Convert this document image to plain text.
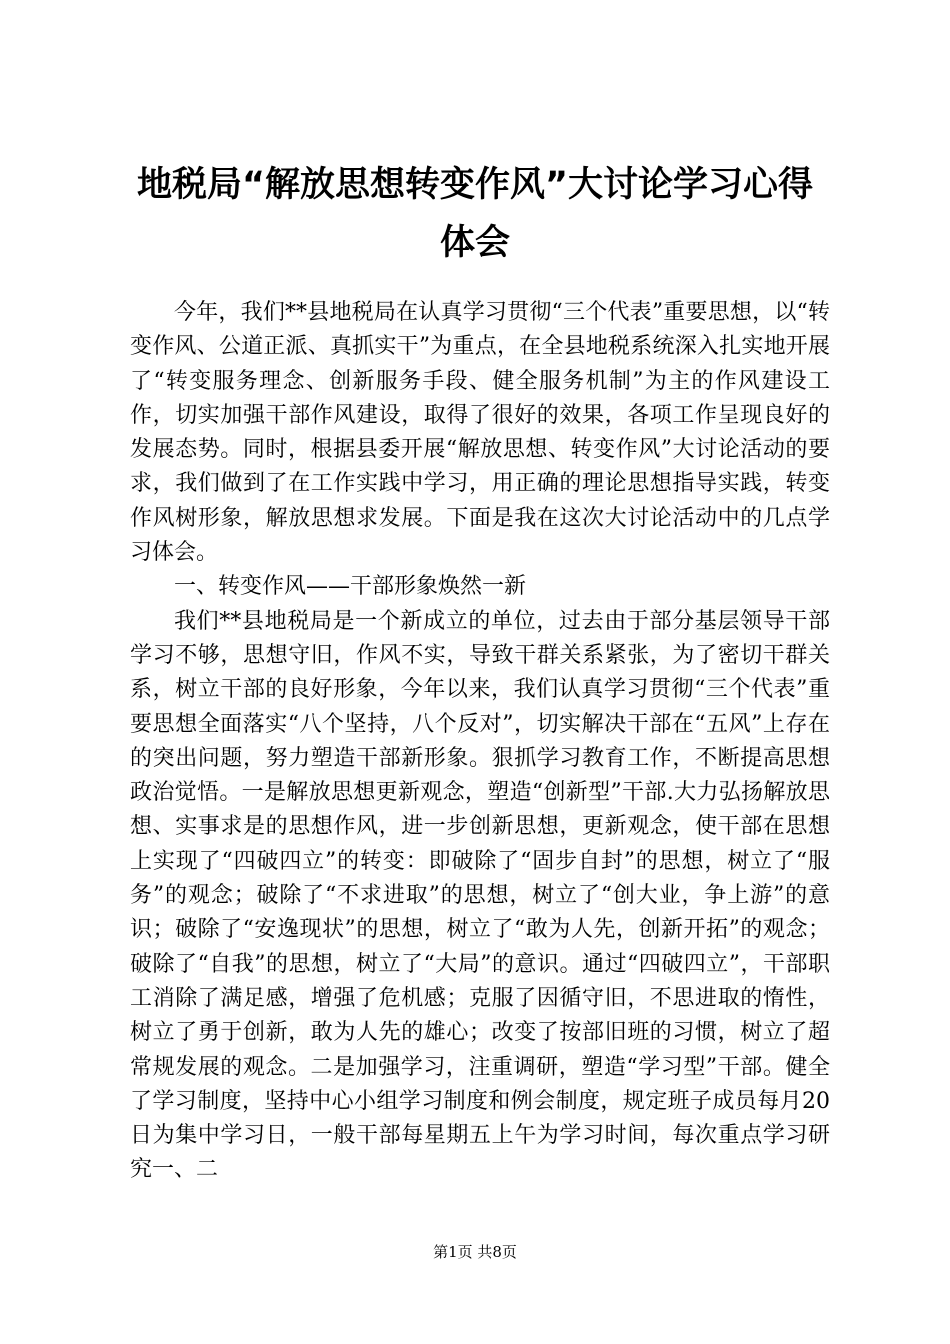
地税局“解放思想转变作风”大讨论学习心得
体会

今年，我们**县地税局在认真学习贯彻“三个代表”重要思想，以“转变作风、公道正派、真抓实干”为重点，在全县地税系统深入扎实地开展了“转变服务理念、创新服务手段、健全服务机制”为主的作风建设工作，切实加强干部作风建设，取得了很好的效果，各项工作呈现良好的发展态势。同时，根据县委开展“解放思想、转变作风”大讨论活动的要求，我们做到了在工作实践中学习，用正确的理论思想指导实践，转变作风树形象，解放思想求发展。下面是我在这次大讨论活动中的几点学习体会。

一、转变作风——干部形象焕然一新

我们**县地税局是一个新成立的单位，过去由于部分基层领导干部学习不够，思想守旧，作风不实，导致干群关系紧张，为了密切干群关系，树立干部的良好形象，今年以来，我们认真学习贯彻“三个代表”重要思想全面落实“八个坚持，八个反对”，切实解决干部在“五风”上存在的突出问题，努力塑造干部新形象。狠抓学习教育工作，不断提高思想政治觉悟。一是解放思想更新观念，塑造“创新型”干部.大力弘扬解放思想、实事求是的思想作风，进一步创新思想，更新观念，使干部在思想上实现了“四破四立”的转变：即破除了“固步自封”的思想，树立了“服务”的观念；破除了“不求进取”的思想，树立了“创大业，争上游”的意识；破除了“安逸现状”的思想，树立了“敢为人先，创新开拓”的观念；破除了“自我”的思想，树立了“大局”的意识。通过“四破四立”，干部职工消除了满足感，增强了危机感；克服了因循守旧，不思进取的惰性，树立了勇于创新，敢为人先的雄心；改变了按部旧班的习惯，树立了超常规发展的观念。二是加强学习，注重调研，塑造“学习型”干部。健全了学习制度，坚持中心小组学习制度和例会制度，规定班子成员每月20日为集中学习日，一般干部每星期五上午为学习时间，每次重点学习研究一、二

第1页 共8页
